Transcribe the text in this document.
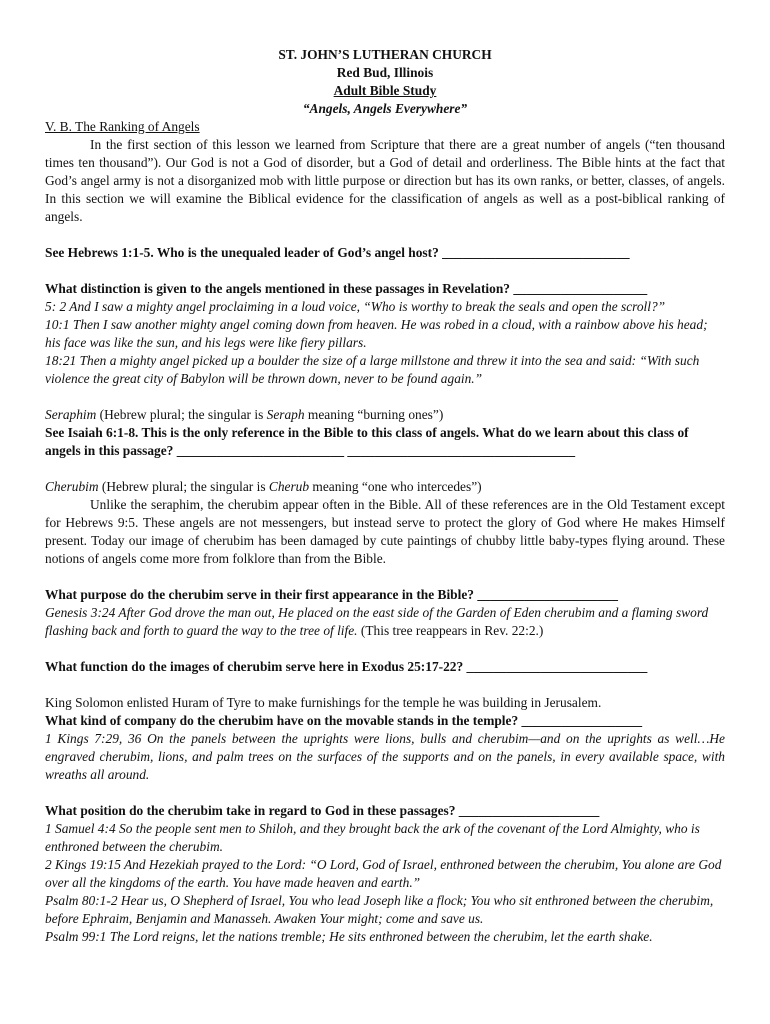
ST. JOHN’S LUTHERAN CHURCH

Red Bud, Illinois

Adult Bible Study

“Angels, Angels Everywhere”

V. B. The Ranking of Angels

In the first section of this lesson we learned from Scripture that there are a great number of angels (“ten thousand times ten thousand”). Our God is not a God of disorder, but a God of detail and orderliness. The Bible hints at the fact that God’s angel army is not a disorganized mob with little purpose or direction but has its own ranks, or better, classes, of angels. In this section we will examine the Biblical evidence for the classification of angels as well as a post-biblical ranking of angels.

See Hebrews 1:1-5. Who is the unequaled leader of God’s angel host? ____________________________

What distinction is given to the angels mentioned in these passages in Revelation? ____________________

5: 2 And I saw a mighty angel proclaiming in a loud voice, “Who is worthy to break the seals and open the scroll?”

10:1 Then I saw another mighty angel coming down from heaven. He was robed in a cloud, with a rainbow above his head; his face was like the sun, and his legs were like fiery pillars.

18:21 Then a mighty angel picked up a boulder the size of a large millstone and threw it into the sea and said: “With such violence the great city of Babylon will be thrown down, never to be found again.”

Seraphim (Hebrew plural; the singular is Seraph meaning “burning ones”)

See Isaiah 6:1-8. This is the only reference in the Bible to this class of angels. What do we learn about this class of angels in this passage? _________________________ __________________________________

Cherubim (Hebrew plural; the singular is Cherub meaning “one who intercedes”)

Unlike the seraphim, the cherubim appear often in the Bible. All of these references are in the Old Testament except for Hebrews 9:5. These angels are not messengers, but instead serve to protect the glory of God where He makes Himself present. Today our image of cherubim has been damaged by cute paintings of chubby little baby-types flying around. These notions of angels come more from folklore than from the Bible.

What purpose do the cherubim serve in their first appearance in the Bible? _____________________

Genesis 3:24 After God drove the man out, He placed on the east side of the Garden of Eden cherubim and a flaming sword flashing back and forth to guard the way to the tree of life. (This tree reappears in Rev. 22:2.)

What function do the images of cherubim serve here in Exodus 25:17-22? ___________________________

King Solomon enlisted Huram of Tyre to make furnishings for the temple he was building in Jerusalem.

What kind of company do the cherubim have on the movable stands in the temple? __________________

1 Kings 7:29, 36 On the panels between the uprights were lions, bulls and cherubim—and on the uprights as well…He engraved cherubim, lions, and palm trees on the surfaces of the supports and on the panels, in every available space, with wreaths all around.

What position do the cherubim take in regard to God in these passages? _____________________

1 Samuel 4:4 So the people sent men to Shiloh, and they brought back the ark of the covenant of the Lord Almighty, who is enthroned between the cherubim.

2 Kings 19:15 And Hezekiah prayed to the Lord: “O Lord, God of Israel, enthroned between the cherubim, You alone are God over all the kingdoms of the earth. You have made heaven and earth.”

Psalm 80:1-2 Hear us, O Shepherd of Israel, You who lead Joseph like a flock; You who sit enthroned between the cherubim, before Ephraim, Benjamin and Manasseh. Awaken Your might; come and save us.

Psalm 99:1 The Lord reigns, let the nations tremble; He sits enthroned between the cherubim, let the earth shake.
